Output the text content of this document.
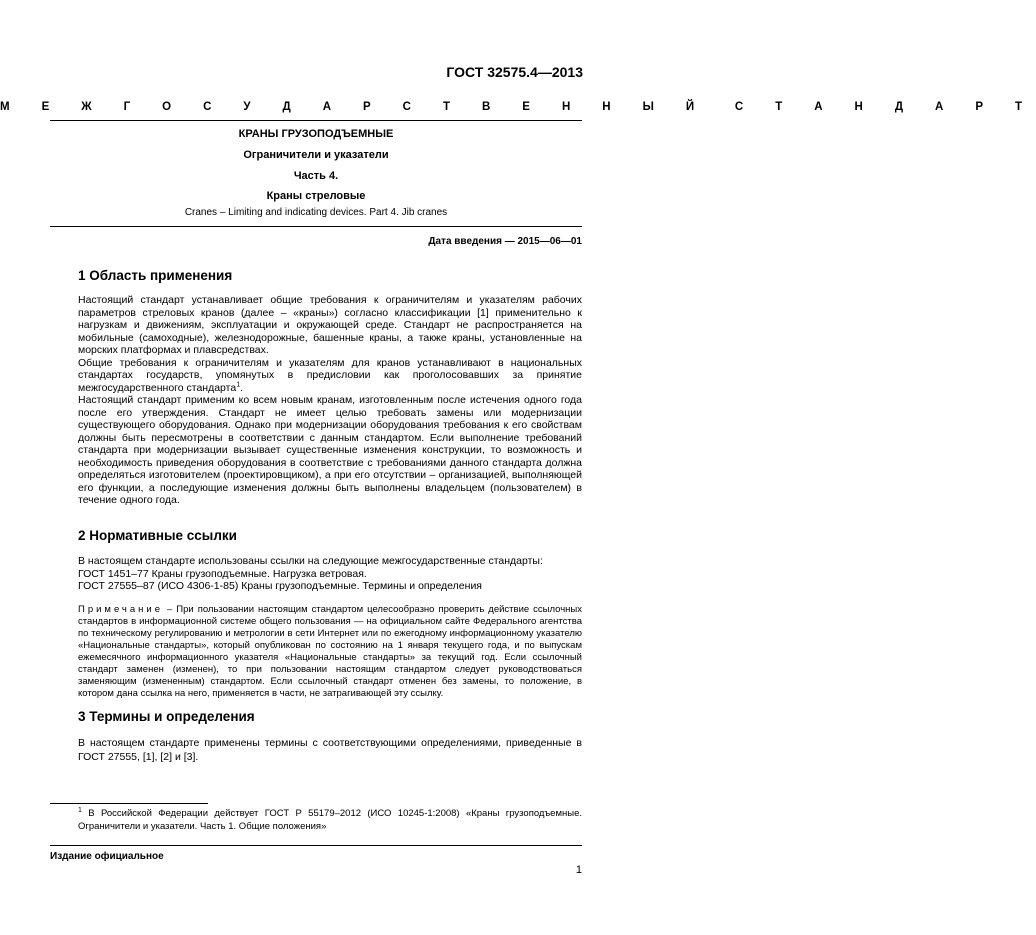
ГОСТ 32575.4—2013
М Е Ж Г О С У Д А Р С Т В Е Н Н Ы Й С Т А Н Д А Р Т
КРАНЫ ГРУЗОПОДЪЕМНЫЕ
Ограничители и указатели
Часть 4.
Краны стреловые
Cranes – Limiting and indicating devices. Part 4. Jib cranes
Дата введения — 2015—06—01
1 Область применения

Настоящий стандарт устанавливает общие требования к ограничителям и указателям рабочих параметров стреловых кранов (далее – «краны») согласно классификации [1] применительно к нагрузкам и движениям, эксплуатации и окружающей среде. Стандарт не распространяется на мобильные (самоходные), железнодорожные, башенные краны, а также краны, установленные на морских платформах и плавсредствах.

Общие требования к ограничителям и указателям для кранов устанавливают в национальных стандартах государств, упомянутых в предисловии как проголосовавших за принятие межгосударственного стандарта$^1$.

Настоящий стандарт применим ко всем новым кранам, изготовленным после истечения одного года после его утверждения. Стандарт не имеет целью требовать замены или модернизации существующего оборудования. Однако при модернизации оборудования требования к его свойствам должны быть пересмотрены в соответствии с данным стандартом. Если выполнение требований стандарта при модернизации вызывает существенные изменения конструкции, то возможность и необходимость приведения оборудования в соответствие с требованиями данного стандарта должна определяться изготовителем (проектировщиком), а при его отсутствии – организацией, выполняющей его функции, а последующие изменения должны быть выполнены владельцем (пользователем) в течение одного года.

2 Нормативные ссылки

В настоящем стандарте использованы ссылки на следующие межгосударственные стандарты:

ГОСТ 1451–77 Краны грузоподъемные. Нагрузка ветровая.

ГОСТ 27555–87 (ИСО 4306-1-85) Краны грузоподъемные. Термины и определения

Примечание – При пользовании настоящим стандартом целесообразно проверить действие ссылочных стандартов в информационной системе общего пользования — на официальном сайте Федерального агентства по техническому регулированию и метрологии в сети Интернет или по ежегодному информационному указателю «Национальные стандарты», который опубликован по состоянию на 1 января текущего года, и по выпускам ежемесячного информационного указателя «Национальные стандарты» за текущий год. Если ссылочный стандарт заменен (изменен), то при пользовании настоящим стандартом следует руководствоваться заменяющим (измененным) стандартом. Если ссылочный стандарт отменен без замены, то положение, в котором дана ссылка на него, применяется в части, не затрагивающей эту ссылку.
3 Термины и определения

В настоящем стандарте применены термины с соответствующими определениями, приведенные в ГОСТ 27555, [1], [2] и [3].

$^1$ В Российской Федерации действует ГОСТ Р 55179–2012 (ИСО 10245-1:2008) «Краны грузоподъемные. Ограничители и указатели. Часть 1. Общие положения»
Издание официальное
1
